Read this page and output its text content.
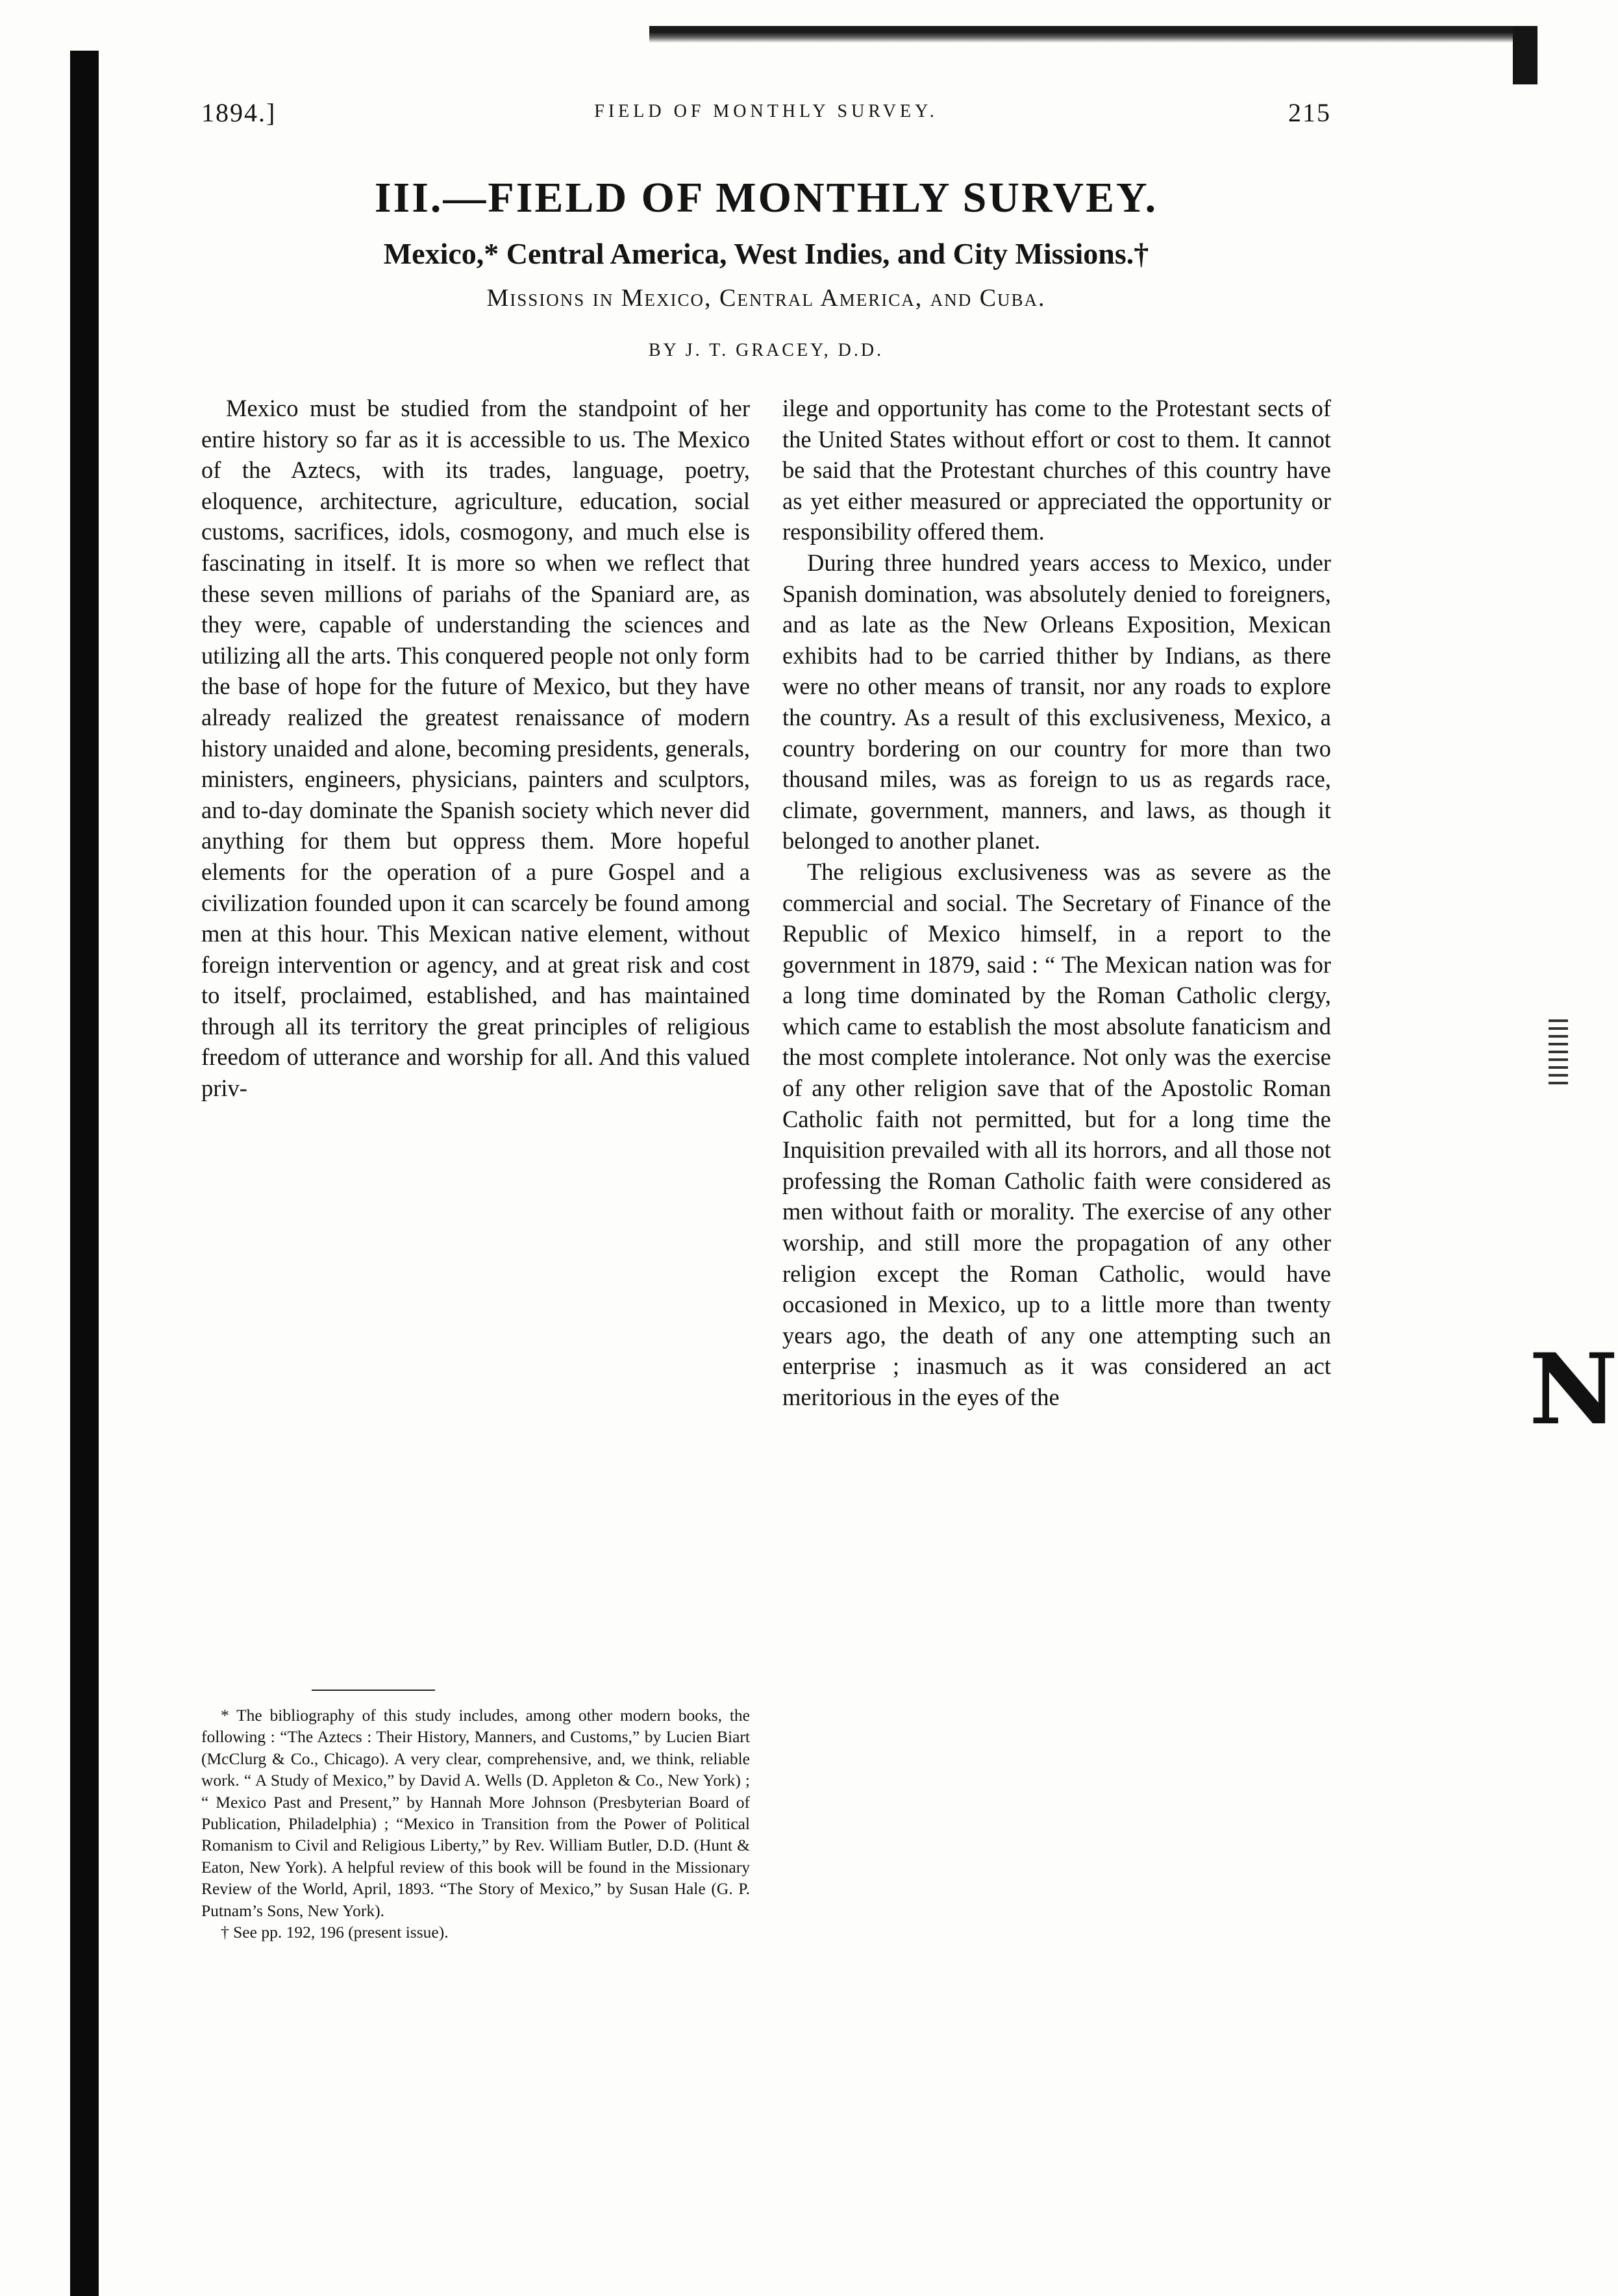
1894.]	FIELD OF MONTHLY SURVEY.	215
III.—FIELD OF MONTHLY SURVEY.

Mexico,* Central America, West Indies, and City Missions.†

Missions in Mexico, Central America, and Cuba.

BY J. T. GRACEY, D.D.

Mexico must be studied from the standpoint of her entire history so far as it is accessible to us. The Mexico of the Aztecs, with its trades, language, poetry, eloquence, architecture, agriculture, education, social customs, sacrifices, idols, cosmogony, and much else is fascinating in itself. It is more so when we reflect that these seven millions of pariahs of the Spaniard are, as they were, capable of understanding the sciences and utilizing all the arts. This conquered people not only form the base of hope for the future of Mexico, but they have already realized the greatest renaissance of modern history unaided and alone, becoming presidents, generals, ministers, engineers, physicians, painters and sculptors, and to-day dominate the Spanish society which never did anything for them but oppress them. More hopeful elements for the operation of a pure Gospel and a civilization founded upon it can scarcely be found among men at this hour. This Mexican native element, without foreign intervention or agency, and at great risk and cost to itself, proclaimed, established, and has maintained through all its territory the great principles of religious freedom of utterance and worship for all. And this valued priv-

ilege and opportunity has come to the Protestant sects of the United States without effort or cost to them. It cannot be said that the Protestant churches of this country have as yet either measured or appreciated the opportunity or responsibility offered them.

During three hundred years access to Mexico, under Spanish domination, was absolutely denied to foreigners, and as late as the New Orleans Exposition, Mexican exhibits had to be carried thither by Indians, as there were no other means of transit, nor any roads to explore the country. As a result of this exclusiveness, Mexico, a country bordering on our country for more than two thousand miles, was as foreign to us as regards race, climate, government, manners, and laws, as though it belonged to another planet.

The religious exclusiveness was as severe as the commercial and social. The Secretary of Finance of the Republic of Mexico himself, in a report to the government in 1879, said : “ The Mexican nation was for a long time dominated by the Roman Catholic clergy, which came to establish the most absolute fanaticism and the most complete intolerance. Not only was the exercise of any other religion save that of the Apostolic Roman Catholic faith not permitted, but for a long time the Inquisition prevailed with all its horrors, and all those not professing the Roman Catholic faith were considered as men without faith or morality. The exercise of any other worship, and still more the propagation of any other religion except the Roman Catholic, would have occasioned in Mexico, up to a little more than twenty years ago, the death of any one attempting such an enterprise ; inasmuch as it was considered an act meritorious in the eyes of the

* The bibliography of this study includes, among other modern books, the following : “The Aztecs : Their History, Manners, and Customs,” by Lucien Biart (McClurg & Co., Chicago). A very clear, comprehensive, and, we think, reliable work. “ A Study of Mexico,” by David A. Wells (D. Appleton & Co., New York) ; “ Mexico Past and Present,” by Hannah More Johnson (Presbyterian Board of Publication, Philadelphia) ; “Mexico in Transition from the Power of Political Romanism to Civil and Religious Liberty,” by Rev. William Butler, D.D. (Hunt & Eaton, New York). A helpful review of this book will be found in the Missionary Review of the World, April, 1893. “The Story of Mexico,” by Susan Hale (G. P. Putnam’s Sons, New York).

† See pp. 192, 196 (present issue).

N
